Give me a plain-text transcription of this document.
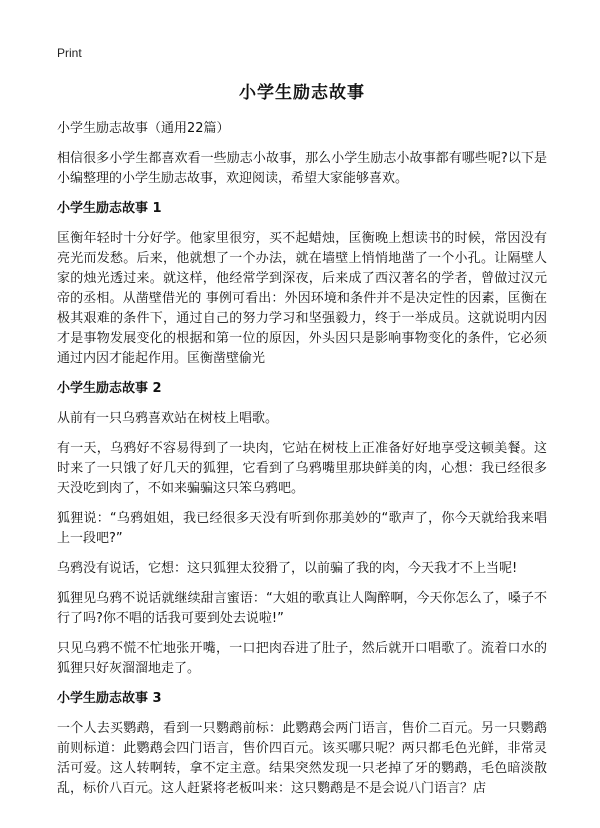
Print
小学生励志故事
小学生励志故事（通用22篇）
相信很多小学生都喜欢看一些励志小故事，那么小学生励志小故事都有哪些呢?以下是小编整理的小学生励志故事，欢迎阅读，希望大家能够喜欢。
小学生励志故事 1
匡衡年轻时十分好学。他家里很穷，买不起蜡烛，匡衡晚上想读书的时候，常因没有亮光而发愁。后来，他就想了一个办法，就在墙壁上悄悄地凿了一个小孔。让隔壁人家的烛光透过来。就这样，他经常学到深夜，后来成了西汉著名的学者，曾做过汉元帝的丞相。从凿壁借光的 事例可看出：外因环境和条件并不是决定性的因素，匡衡在极其艰难的条件下，通过自己的努力学习和坚强毅力，终于一举成员。这就说明内因才是事物发展变化的根据和第一位的原因，外头因只是影响事物变化的条件，它必须通过内因才能起作用。匡衡凿壁偷光
小学生励志故事 2
从前有一只乌鸦喜欢站在树枝上唱歌。
有一天，乌鸦好不容易得到了一块肉，它站在树枝上正准备好好地享受这顿美餐。这时来了一只饿了好几天的狐狸，它看到了乌鸦嘴里那块鲜美的肉，心想：我已经很多天没吃到肉了，不如来骗骗这只笨乌鸦吧。
狐狸说：“乌鸦姐姐，我已经很多天没有听到你那美妙的“歌声了，你今天就给我来唱上一段吧?”
乌鸦没有说话，它想：这只狐狸太狡猾了，以前骗了我的肉，今天我才不上当呢!
狐狸见乌鸦不说话就继续甜言蜜语：“大姐的歌真让人陶醉啊，今天你怎么了，嗓子不行了吗?你不唱的话我可要到处去说啦!”
只见乌鸦不慌不忙地张开嘴，一口把肉吞进了肚子，然后就开口唱歌了。流着口水的狐狸只好灰溜溜地走了。
小学生励志故事 3
一个人去买鹦鹉，看到一只鹦鹉前标：此鹦鹉会两门语言，售价二百元。另一只鹦鹉前则标道：此鹦鹉会四门语言，售价四百元。该买哪只呢？两只都毛色光鲜，非常灵活可爱。这人转啊转，拿不定主意。结果突然发现一只老掉了牙的鹦鹉，毛色暗淡散乱，标价八百元。这人赶紧将老板叫来：这只鹦鹉是不是会说八门语言？店
